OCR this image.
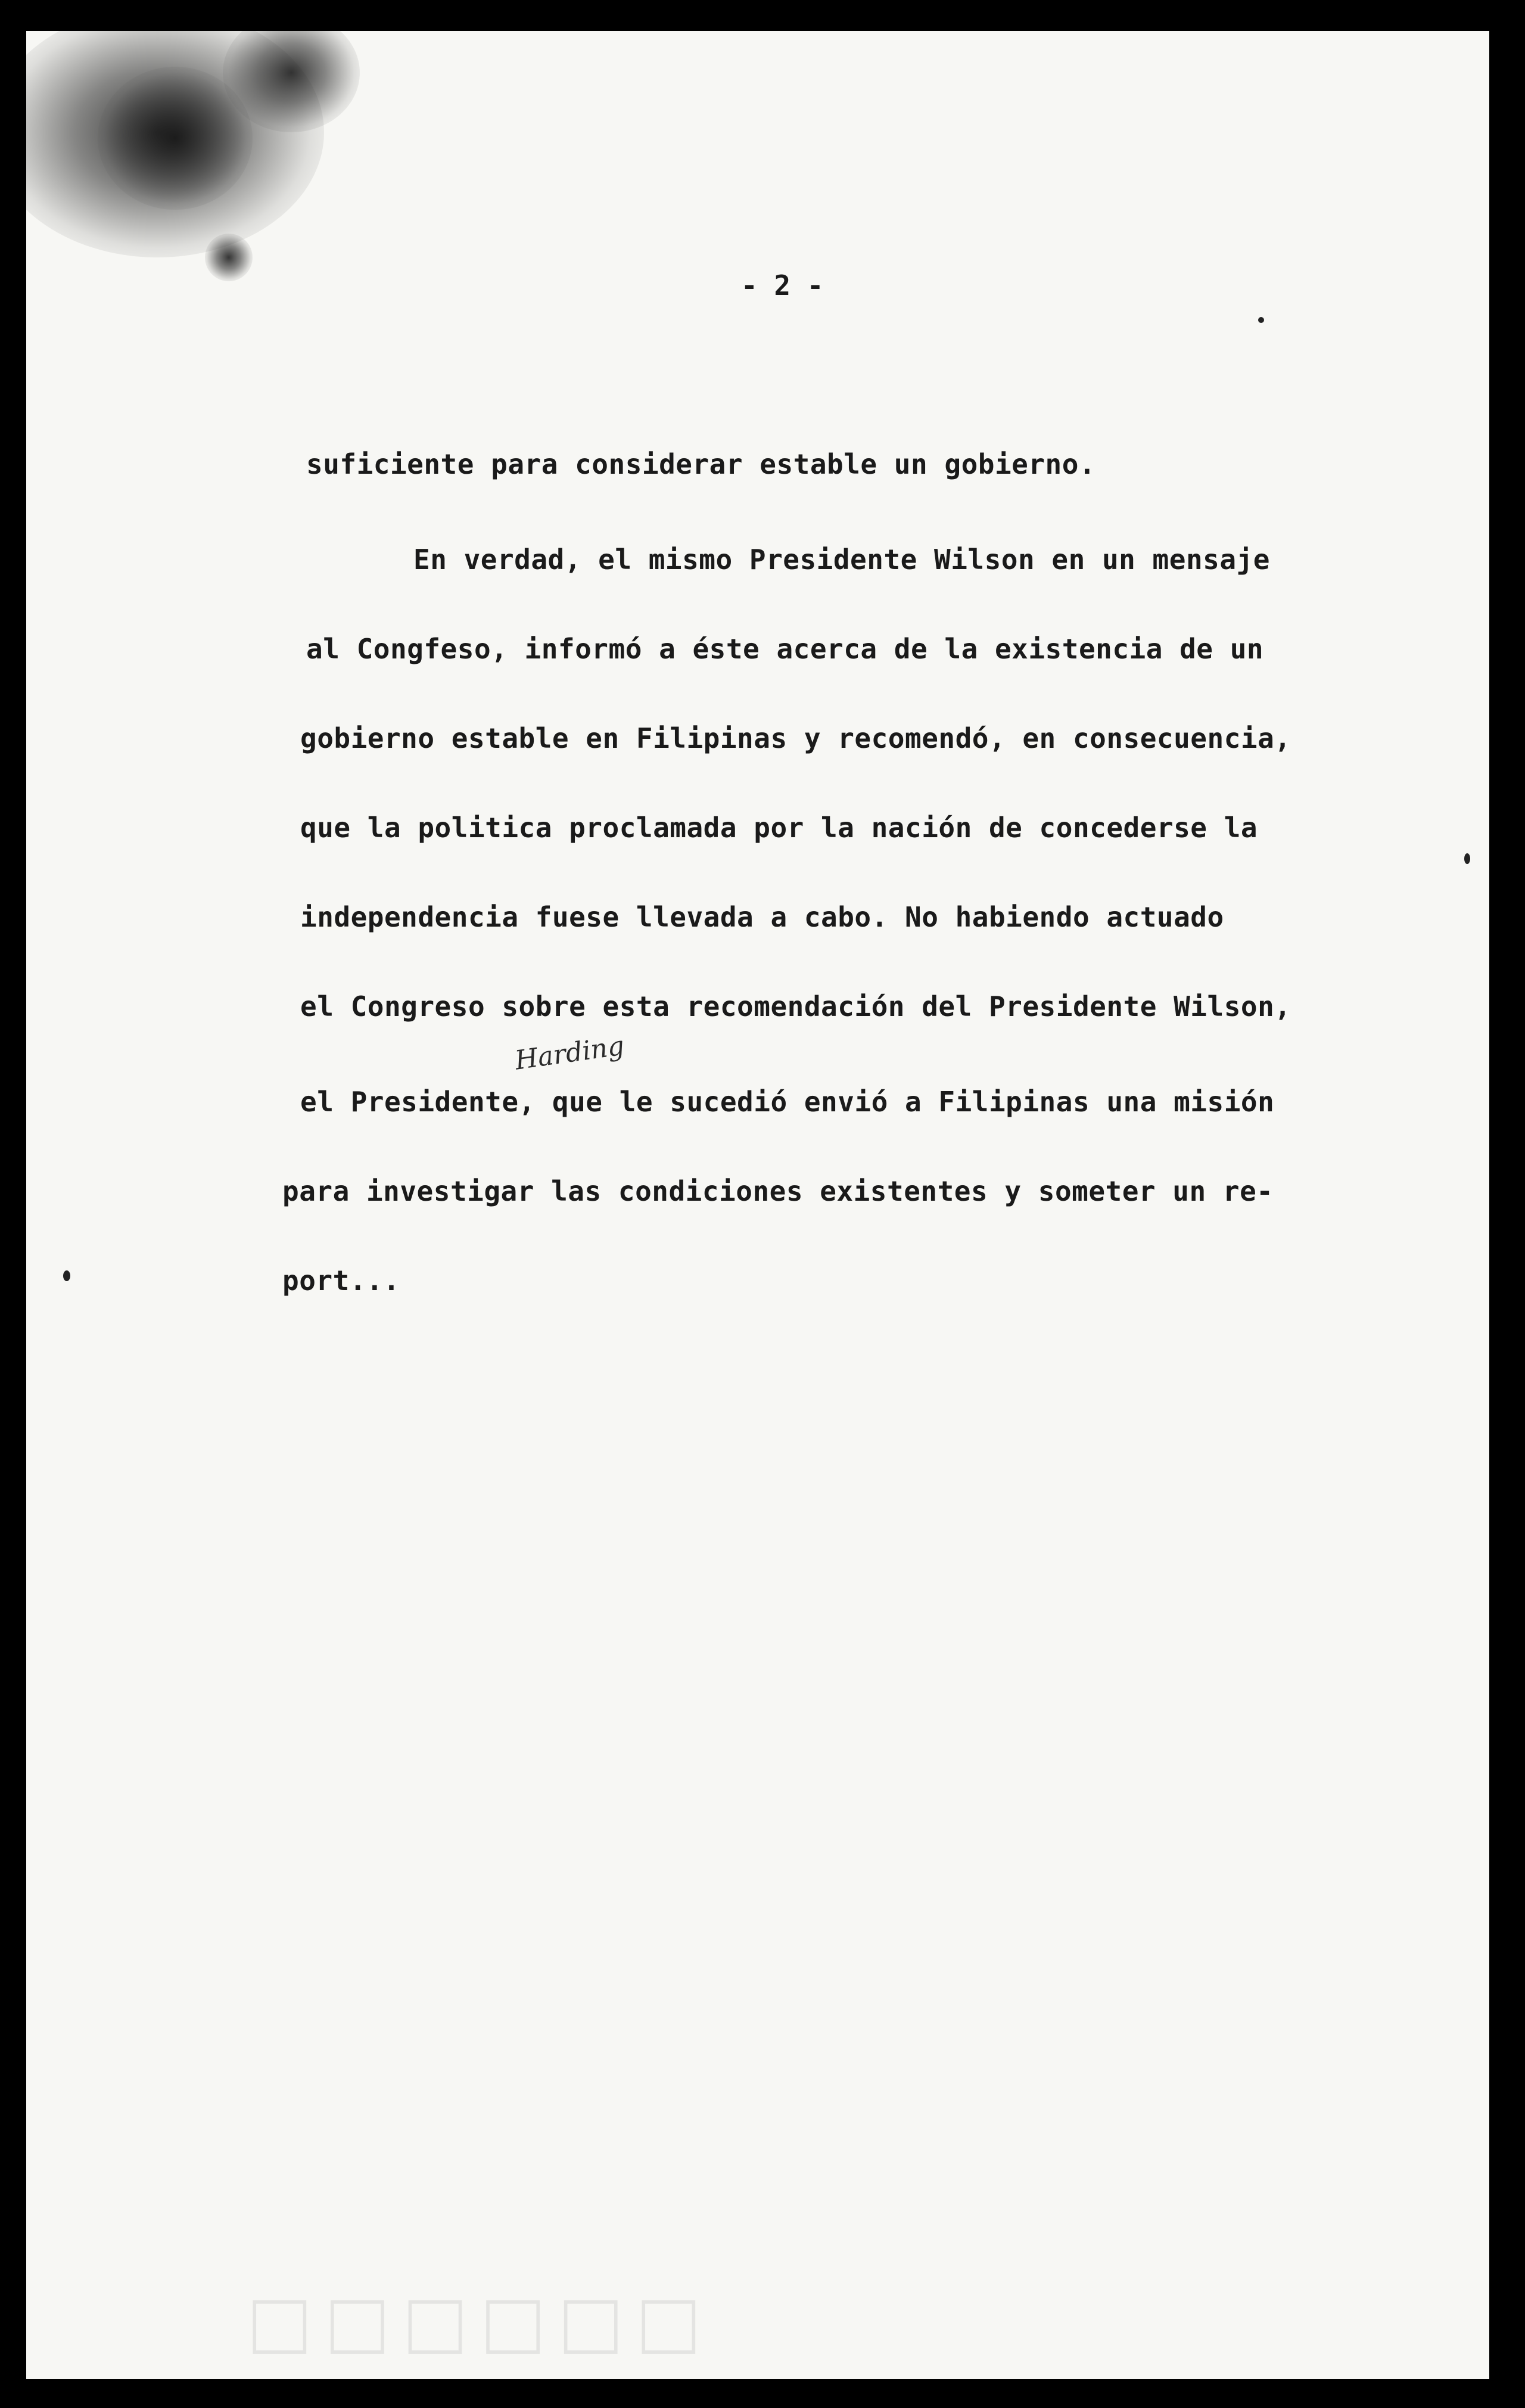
- 2 -
suficiente para considerar estable un gobierno.
En verdad, el mismo Presidente Wilson en un mensaje
al Congfeso, informó a éste acerca de la existencia de un
gobierno estable en Filipinas y recomendó, en consecuencia,
que la politica proclamada por la nación de concederse la
independencia fuese llevada a cabo. No habiendo actuado
el Congreso sobre esta recomendación del Presidente Wilson,
Harding
el Presidente, que le sucedió envió a Filipinas una misión
para investigar las condiciones existentes y someter un re-
port...
□□□□□□
